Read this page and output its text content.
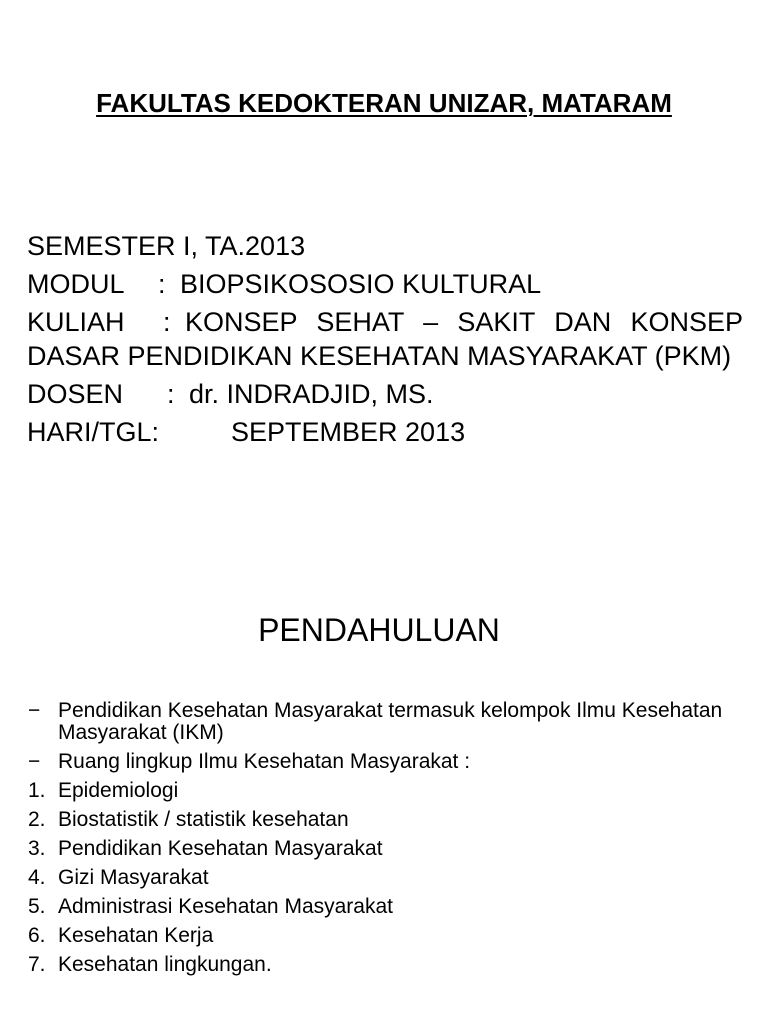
FAKULTAS KEDOKTERAN UNIZAR, MATARAM
SEMESTER I, TA.2013
MODUL : BIOPSIKOSOSIO KULTURAL
KULIAH : KONSEP SEHAT – SAKIT DAN KONSEP DASAR PENDIDIKAN KESEHATAN MASYARAKAT (PKM)
DOSEN : dr. INDRADJID, MS.
HARI/TGL:	SEPTEMBER 2013
PENDAHULUAN
− Pendidikan Kesehatan Masyarakat termasuk kelompok Ilmu Kesehatan Masyarakat (IKM)
− Ruang lingkup Ilmu Kesehatan Masyarakat :
1. Epidemiologi
2. Biostatistik / statistik kesehatan
3. Pendidikan Kesehatan Masyarakat
4. Gizi Masyarakat
5. Administrasi Kesehatan Masyarakat
6. Kesehatan Kerja
7. Kesehatan lingkungan.
